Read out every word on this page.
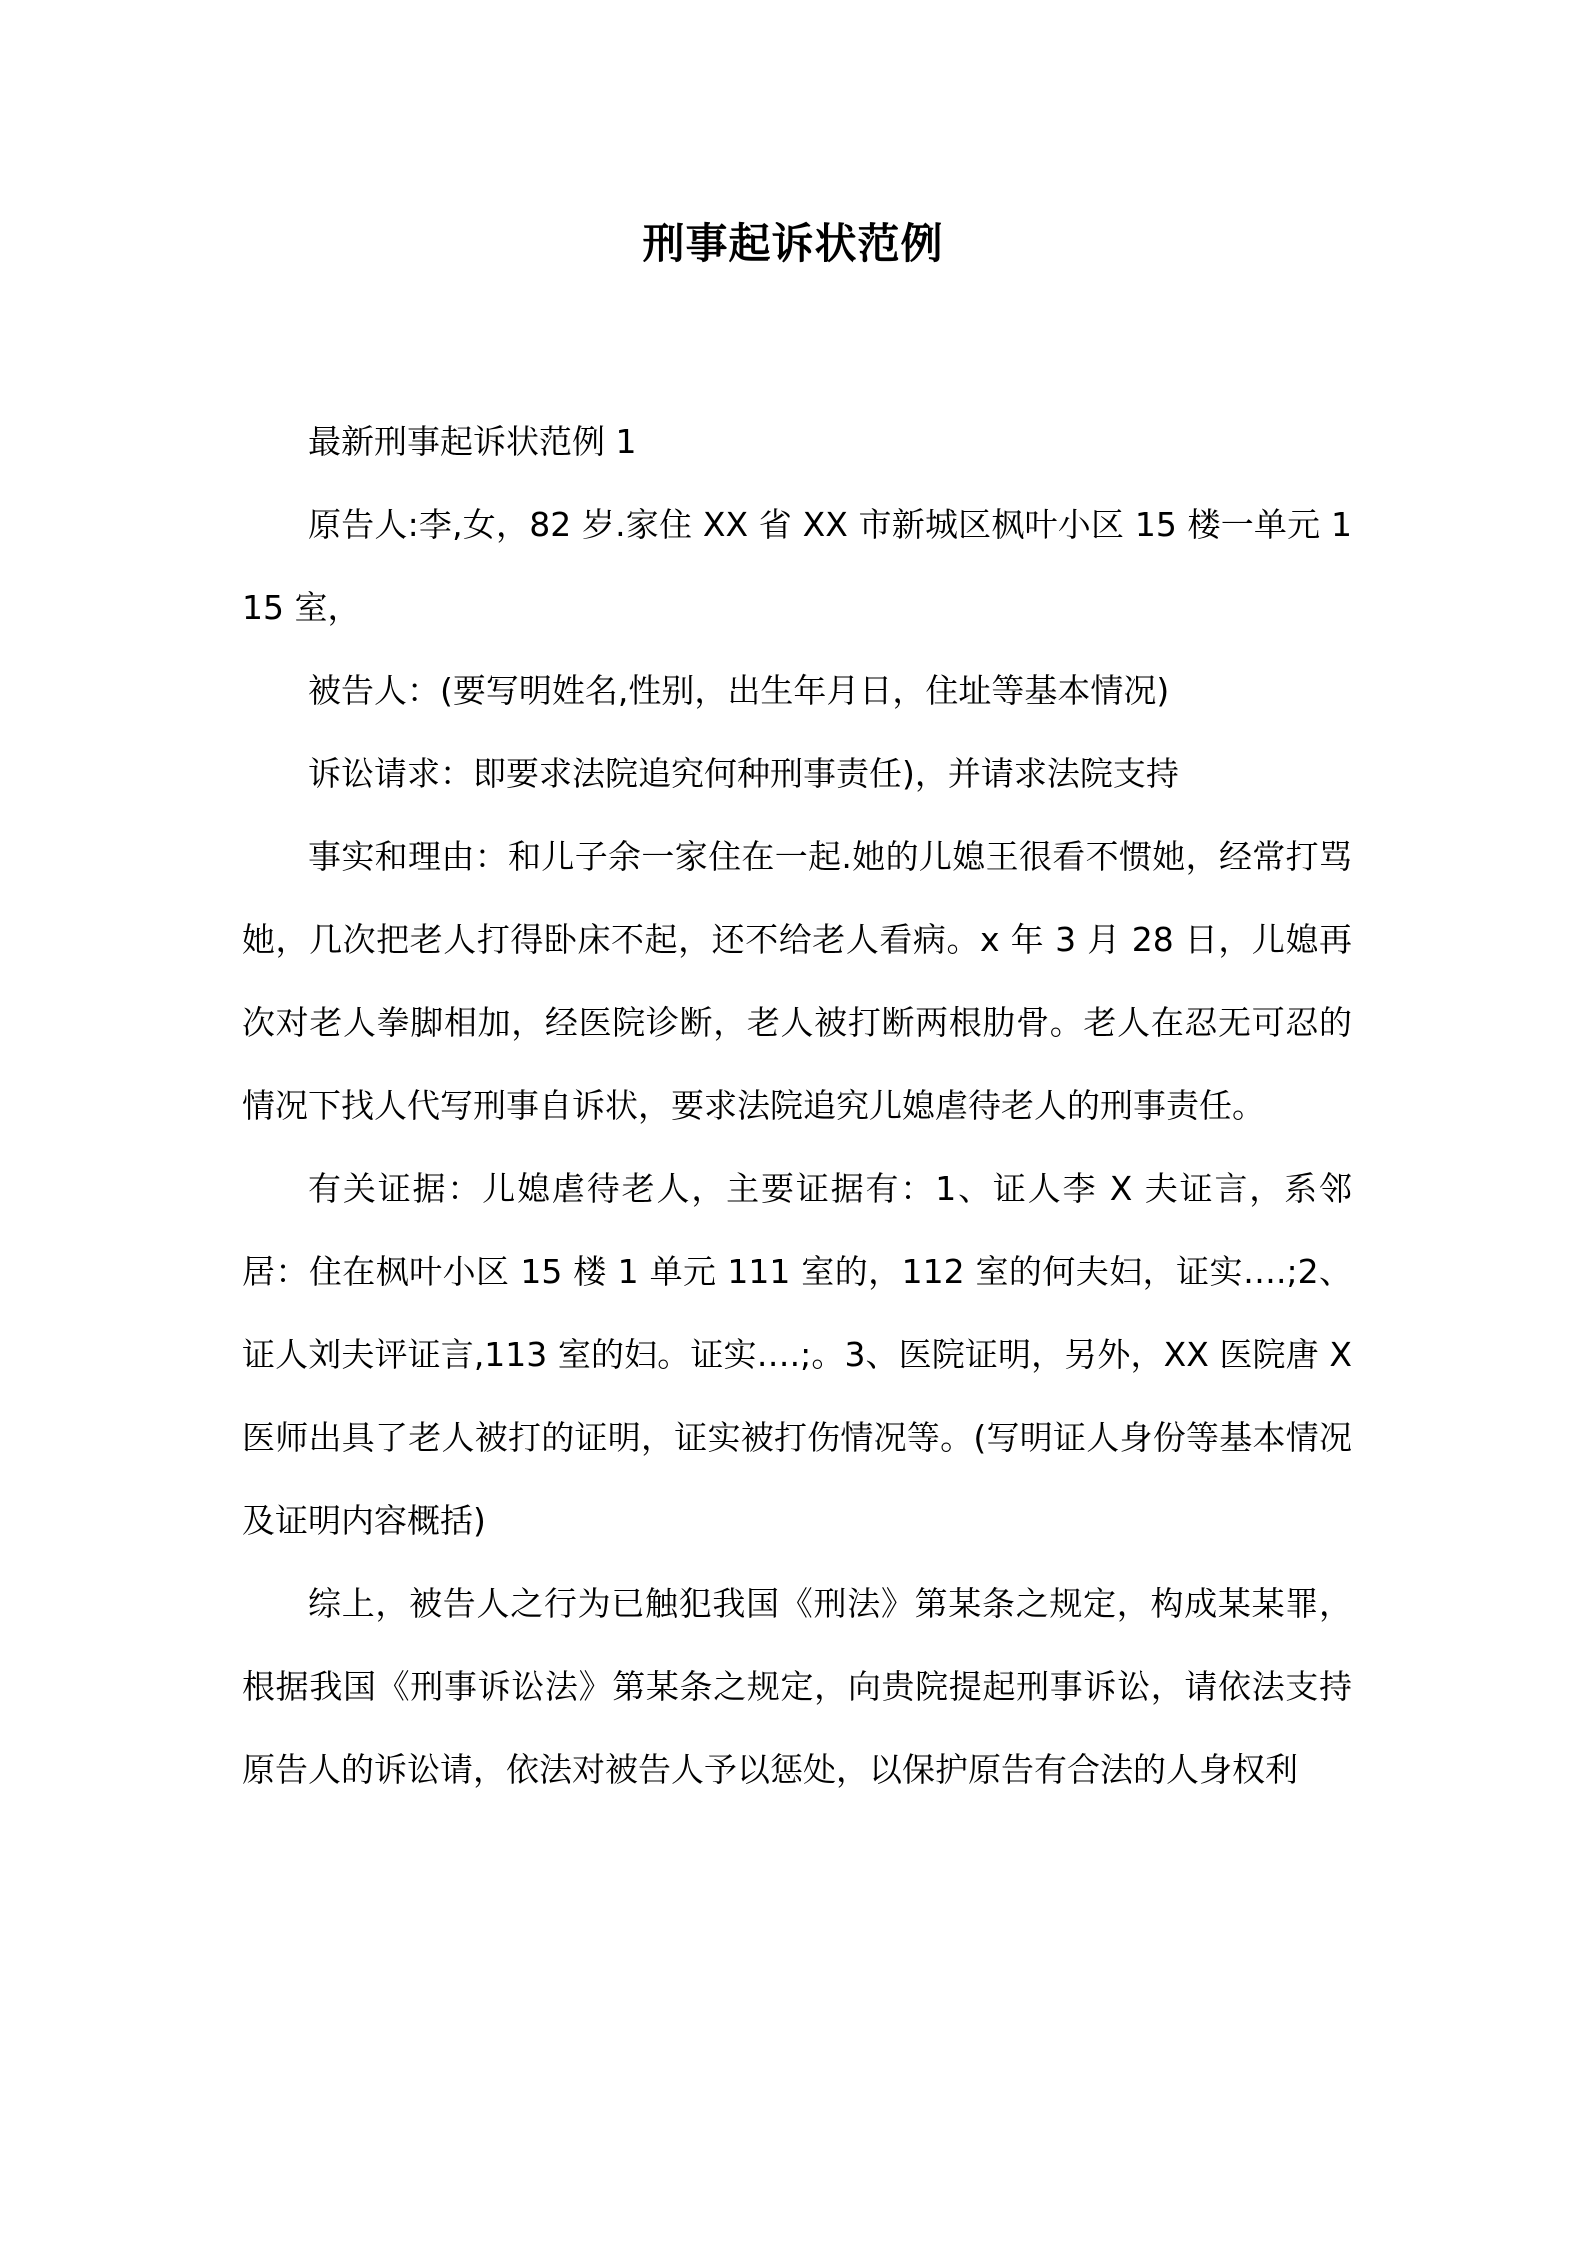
刑事起诉状范例

最新刑事起诉状范例 1

原告人:李,女，82 岁.家住 XX 省 XX 市新城区枫叶小区 15 楼一单元 115 室，

被告人：(要写明姓名,性别，出生年月日，住址等基本情况)

诉讼请求：即要求法院追究何种刑事责任)，并请求法院支持

事实和理由：和儿子余一家住在一起.她的儿媳王很看不惯她，经常打骂她，几次把老人打得卧床不起，还不给老人看病。x 年 3 月 28 日，儿媳再次对老人拳脚相加，经医院诊断，老人被打断两根肋骨。老人在忍无可忍的情况下找人代写刑事自诉状，要求法院追究儿媳虐待老人的刑事责任。

有关证据：儿媳虐待老人，主要证据有：1、证人李 X 夫证言，系邻居：住在枫叶小区 15 楼 1 单元 111 室的，112 室的何夫妇，证实….;2、证人刘夫评证言,113 室的妇。证实….;。3、医院证明，另外，XX 医院唐 X 医师出具了老人被打的证明，证实被打伤情况等。(写明证人身份等基本情况及证明内容概括)

综上，被告人之行为已触犯我国《刑法》第某条之规定，构成某某罪，根据我国《刑事诉讼法》第某条之规定，向贵院提起刑事诉讼，请依法支持原告人的诉讼请，依法对被告人予以惩处，以保护原告有合法的人身权利
